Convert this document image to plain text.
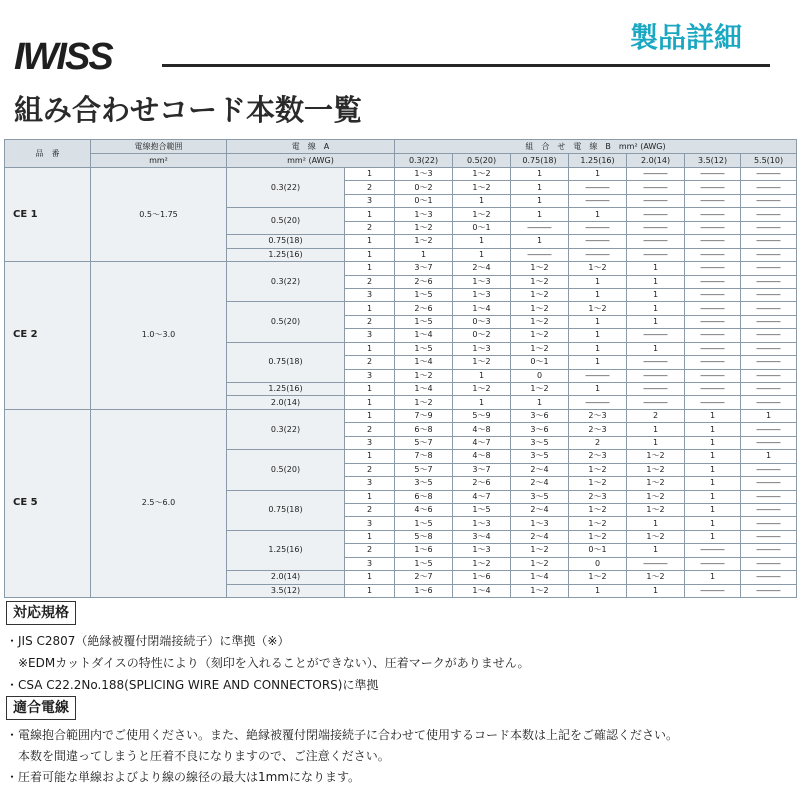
IWISS	製品詳細
組み合わせコード本数一覧
品　番	電線抱合範囲	電　線　A		組　合　せ　電　線　B　mm² (AWG)						
	mm²	mm² (AWG)		0.3(22)	0.5(20)	0.75(18)	1.25(16)	2.0(14)	3.5(12)	5.5(10)
CE 1	0.5～1.75	0.3(22)	1	1～3	1～2	1	1	―――	―――	―――
			2	0～2	1～2	1	―――	―――	―――	―――
			3	0～1	1	1	―――	―――	―――	―――
		0.5(20)	1	1～3	1～2	1	1	―――	―――	―――
			2	1～2	0～1	―――	―――	―――	―――	―――
		0.75(18)	1	1～2	1	1	―――	―――	―――	―――
		1.25(16)	1	1	1	―――	―――	―――	―――	―――
CE 2	1.0～3.0	0.3(22)	1	3～7	2～4	1～2	1～2	1	―――	―――
			2	2～6	1～3	1～2	1	1	―――	―――
			3	1～5	1～3	1～2	1	1	―――	―――
		0.5(20)	1	2～6	1～4	1～2	1～2	1	―――	―――
			2	1～5	0～3	1～2	1	1	―――	―――
			3	1～4	0～2	1～2	1	―――	―――	―――
		0.75(18)	1	1～5	1～3	1～2	1	1	―――	―――
			2	1～4	1～2	0～1	1	―――	―――	―――
			3	1～2	1	0	―――	―――	―――	―――
		1.25(16)	1	1～4	1～2	1～2	1	―――	―――	―――
		2.0(14)	1	1～2	1	1	―――	―――	―――	―――
CE 5	2.5～6.0	0.3(22)	1	7～9	5～9	3～6	2～3	2	1	1
			2	6～8	4～8	3～6	2～3	1	1	―――
			3	5～7	4～7	3～5	2	1	1	―――
		0.5(20)	1	7～8	4～8	3～5	2～3	1～2	1	1
			2	5～7	3～7	2～4	1～2	1～2	1	―――
			3	3～5	2～6	2～4	1～2	1～2	1	―――
		0.75(18)	1	6～8	4～7	3～5	2～3	1～2	1	―――
			2	4～6	1～5	2～4	1～2	1～2	1	―――
			3	1～5	1～3	1～3	1～2	1	1	―――
		1.25(16)	1	5～8	3～4	2～4	1～2	1～2	1	―――
			2	1～6	1～3	1～2	0～1	1	―――	―――
			3	1～5	1～2	1～2	0	―――	―――	―――
		2.0(14)	1	2～7	1～6	1～4	1～2	1～2	1	―――
		3.5(12)	1	1～6	1～4	1～2	1	1	―――	―――
対応規格
・JIS C2807（絶縁被覆付閉端接続子）に準拠（※）
　※EDMカットダイスの特性により（刻印を入れることができない）、圧着マークがありません。
・CSA C22.2No.188(SPLICING WIRE AND CONNECTORS)に準拠
適合電線
・電線抱合範囲内でご使用ください。また、絶縁被覆付閉端接続子に合わせて使用するコード本数は上記をご確認ください。
　本数を間違ってしまうと圧着不良になりますので、ご注意ください。
・圧着可能な単線およびより線の線径の最大は1mmになります。
